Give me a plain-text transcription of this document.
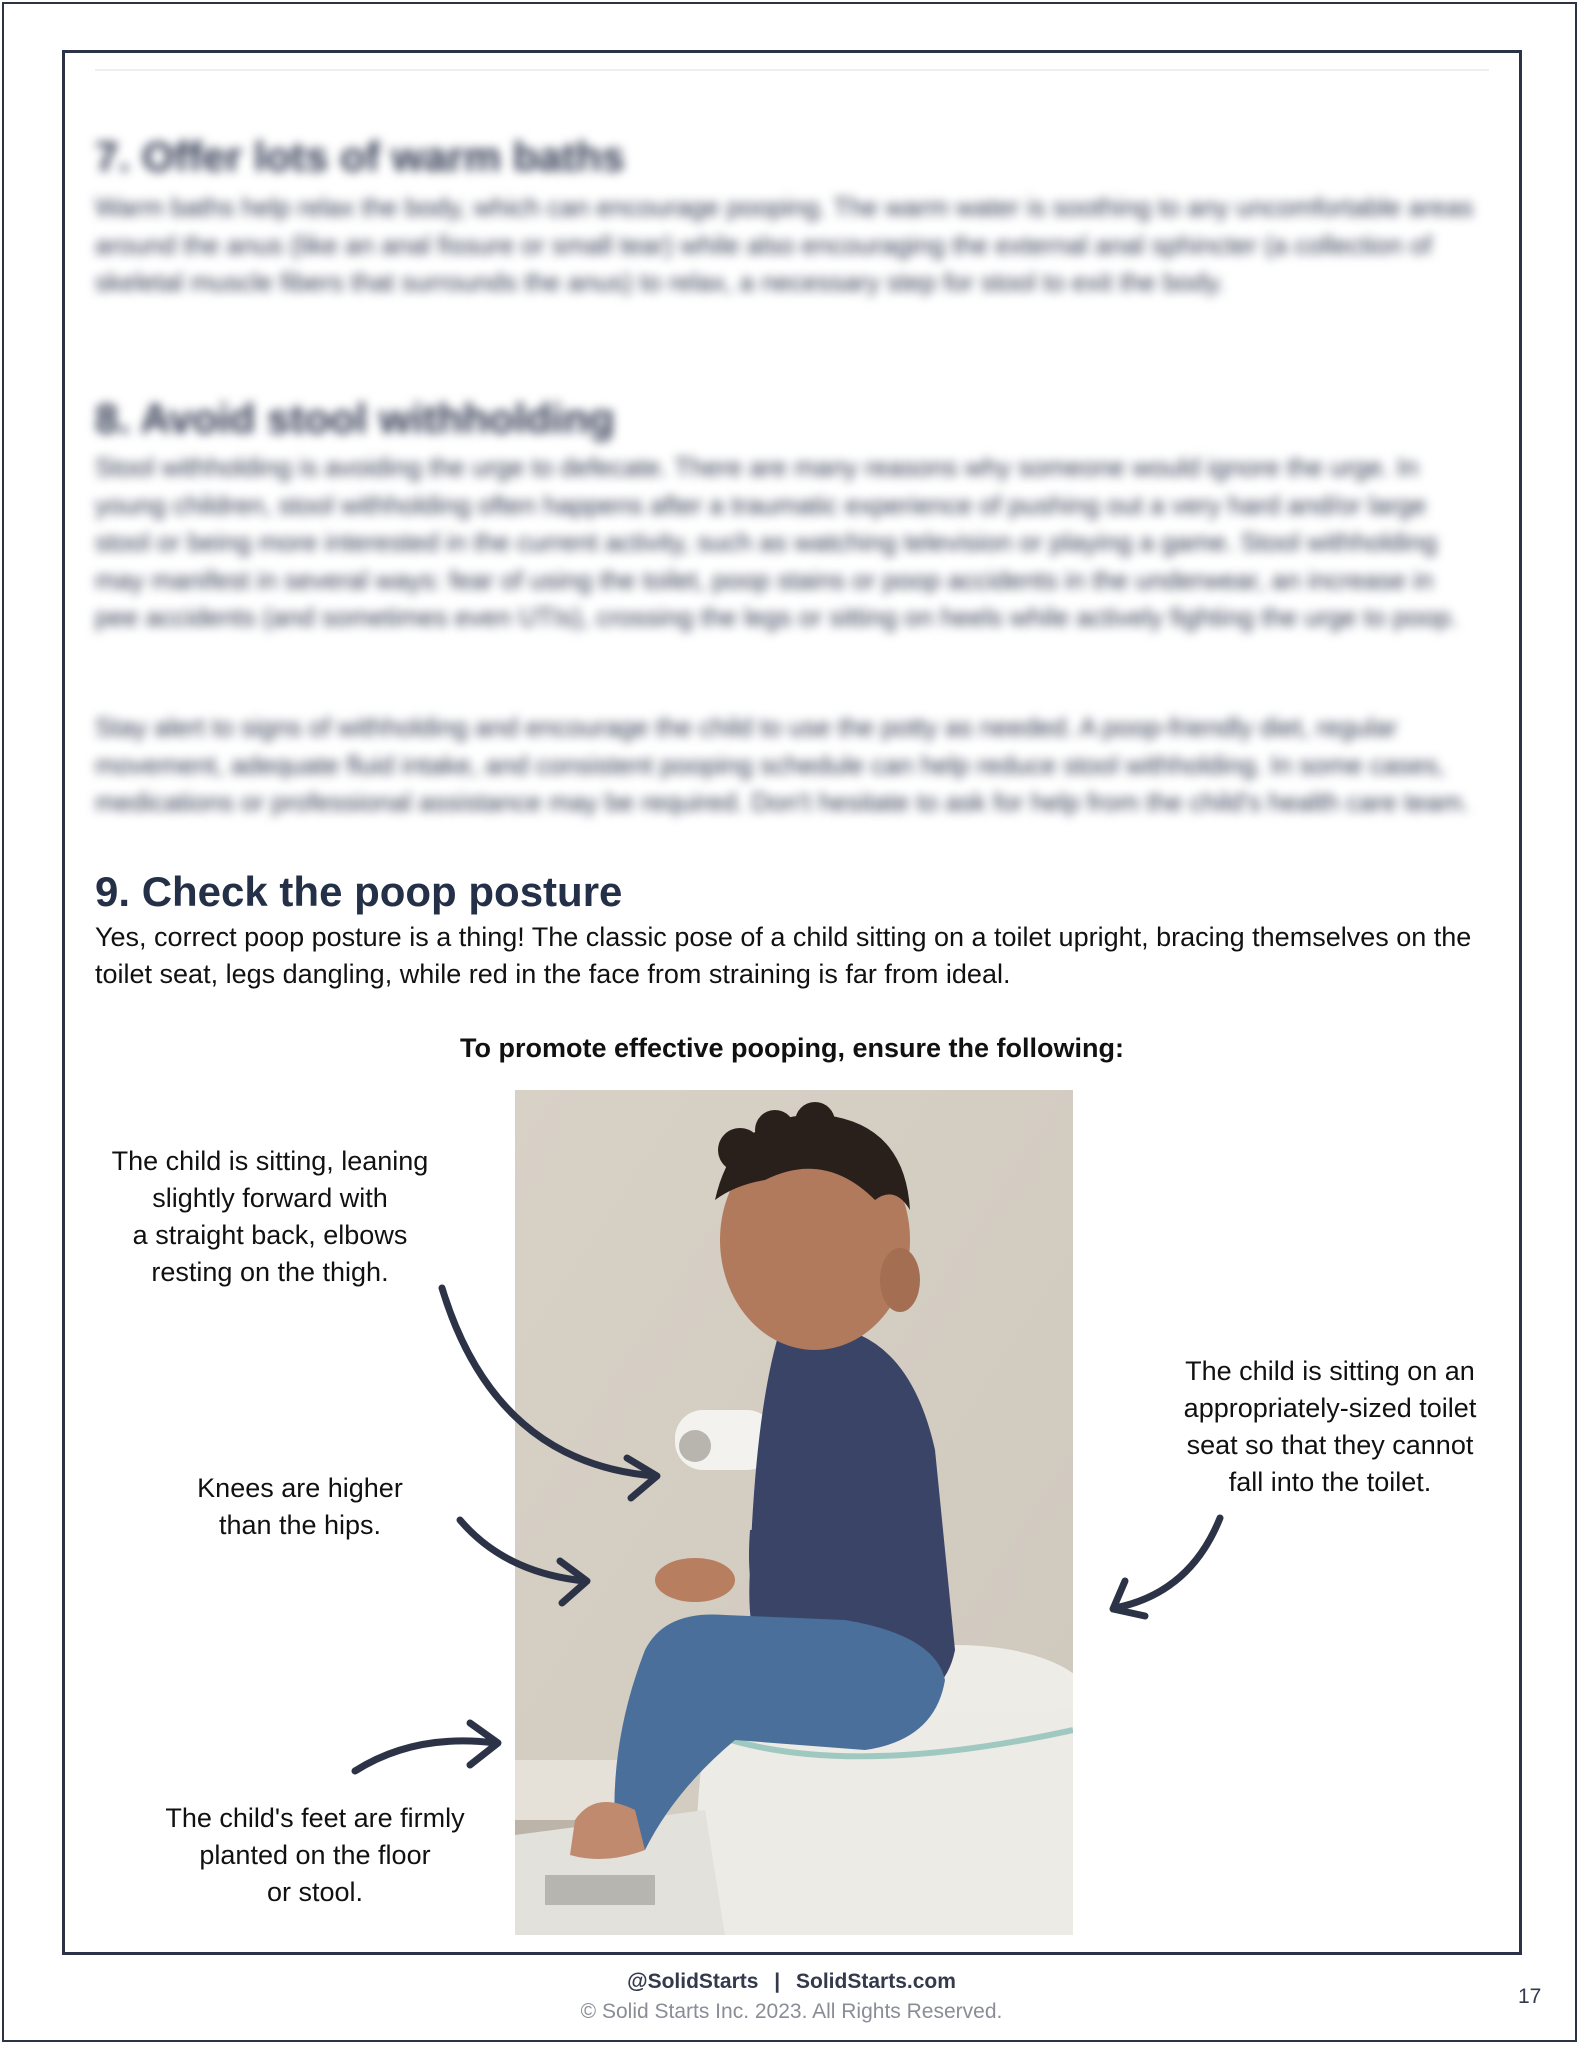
7. Offer lots of warm baths

Warm baths help relax the body, which can encourage pooping. The warm water is soothing to any uncomfortable areas around the anus (like an anal fissure or small tear) while also encouraging the external anal sphincter (a collection of skeletal muscle fibers that surrounds the anus) to relax, a necessary step for stool to exit the body.

8. Avoid stool withholding

Stool withholding is avoiding the urge to defecate. There are many reasons why someone would ignore the urge. In young children, stool withholding often happens after a traumatic experience of pushing out a very hard and/or large stool or being more interested in the current activity, such as watching television or playing a game. Stool withholding may manifest in several ways: fear of using the toilet, poop stains or poop accidents in the underwear, an increase in pee accidents (and sometimes even UTIs), crossing the legs or sitting on heels while actively fighting the urge to poop.

Stay alert to signs of withholding and encourage the child to use the potty as needed. A poop-friendly diet, regular movement, adequate fluid intake, and consistent pooping schedule can help reduce stool withholding. In some cases, medications or professional assistance may be required. Don't hesitate to ask for help from the child's health care team.

9. Check the poop posture

Yes, correct poop posture is a thing! The classic pose of a child sitting on a toilet upright, bracing themselves on the toilet seat, legs dangling, while red in the face from straining is far from ideal.

To promote effective pooping, ensure the following:
The child is sitting, leaning
slightly forward with
a straight back, elbows
resting on the thigh.
Knees are higher
than the hips.
The child's feet are firmly
planted on the floor
or stool.
The child is sitting on an
appropriately-sized toilet
seat so that they cannot
fall into the toilet.
@SolidStarts | SolidStarts.com
© Solid Starts Inc. 2023. All Rights Reserved.
17
